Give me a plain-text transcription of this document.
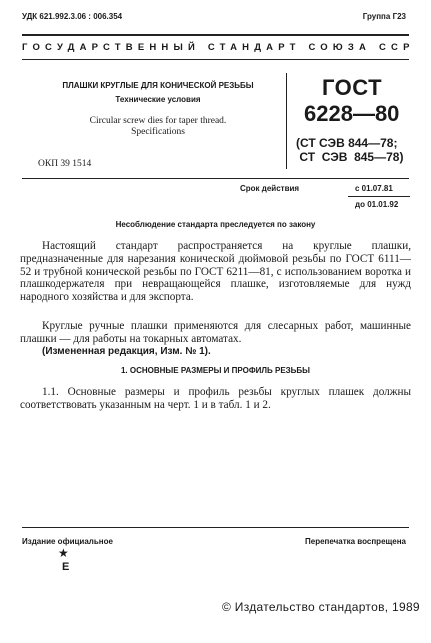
УДК 621.992.3.06 : 006.354	Группа Г23
ГОСУДАРСТВЕННЫЙ СТАНДАРТ СОЮЗА ССР
ПЛАШКИ КРУГЛЫЕ ДЛЯ КОНИЧЕСКОЙ РЕЗЬБЫ
Технические условия
Circular screw dies for taper thread.
Specifications
ОКП 39 1514
ГОСТ
6228—80
(СТ СЭВ 844—78;
СТ  СЭВ  845—78)
Срок действия	с 01.07.81
до 01.01.92
Несоблюдение стандарта преследуется по закону
Настоящий стандарт распространяется на круглые плашки, предназначенные для нарезания конической дюймовой резьбы по ГОСТ 6111—52 и трубной конической резьбы по ГОСТ 6211—81, с использованием воротка и плашкодержателя при невращающейся плашке, изготовляемые для нужд народного хозяйства и для экспорта.
Круглые ручные плашки применяются для слесарных работ, машинные плашки — для работы на токарных автоматах.
(Измененная редакция, Изм. № 1).
1. ОСНОВНЫЕ РАЗМЕРЫ И ПРОФИЛЬ РЕЗЬБЫ
1.1. Основные размеры и профиль резьбы круглых плашек должны соответствовать указанным на черт. 1 и в табл. 1 и 2.
Издание официальное	Перепечатка воспрещена
★
Е
© Издательство стандартов, 1989
